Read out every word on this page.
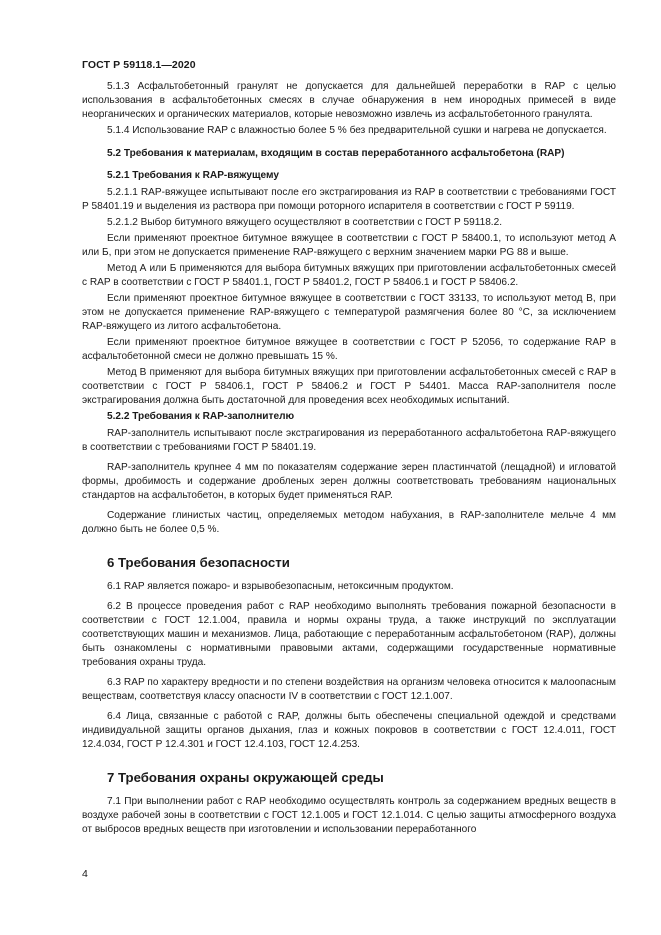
ГОСТ Р 59118.1—2020

5.1.3 Асфальтобетонный гранулят не допускается для дальнейшей переработки в RAP с целью использования в асфальтобетонных смесях в случае обнаружения в нем инородных примесей в виде неорганических и органических материалов, которые невозможно извлечь из асфальтобетонного гранулята.

5.1.4 Использование RAP с влажностью более 5 % без предварительной сушки и нагрева не допускается.

5.2 Требования к материалам, входящим в состав переработанного асфальтобетона (RAP)

5.2.1 Требования к RAP-вяжущему

5.2.1.1 RAP-вяжущее испытывают после его экстрагирования из RAP в соответствии с требованиями ГОСТ Р 58401.19 и выделения из раствора при помощи роторного испарителя в соответствии с ГОСТ Р 59119.

5.2.1.2 Выбор битумного вяжущего осуществляют в соответствии с ГОСТ Р 59118.2.

Если применяют проектное битумное вяжущее в соответствии с ГОСТ Р 58400.1, то используют метод А или Б, при этом не допускается применение RAP-вяжущего с верхним значением марки PG 88 и выше.

Метод А или Б применяются для выбора битумных вяжущих при приготовлении асфальтобетонных смесей с RAP в соответствии с ГОСТ Р 58401.1, ГОСТ Р 58401.2, ГОСТ Р 58406.1 и ГОСТ Р 58406.2.

Если применяют проектное битумное вяжущее в соответствии с ГОСТ 33133, то используют метод В, при этом не допускается применение RAP-вяжущего с температурой размягчения более 80 °С, за исключением RAP-вяжущего из литого асфальтобетона.

Если применяют проектное битумное вяжущее в соответствии с ГОСТ Р 52056, то содержание RAP в асфальтобетонной смеси не должно превышать 15 %.

Метод В применяют для выбора битумных вяжущих при приготовлении асфальтобетонных смесей с RAP в соответствии с ГОСТ Р 58406.1, ГОСТ Р 58406.2 и ГОСТ Р 54401. Масса RAP-заполнителя после экстрагирования должна быть достаточной для проведения всех необходимых испытаний.

5.2.2 Требования к RAP-заполнителю

RAP-заполнитель испытывают после экстрагирования из переработанного асфальтобетона RAP-вяжущего в соответствии с требованиями ГОСТ Р 58401.19.

RAP-заполнитель крупнее 4 мм по показателям содержание зерен пластинчатой (лещадной) и игловатой формы, дробимость и содержание дробленых зерен должны соответствовать требованиям национальных стандартов на асфальтобетон, в которых будет применяться RAP.

Содержание глинистых частиц, определяемых методом набухания, в RAP-заполнителе мельче 4 мм должно быть не более 0,5 %.

6 Требования безопасности

6.1 RAP является пожаро- и взрывобезопасным, нетоксичным продуктом.

6.2 В процессе проведения работ с RAP необходимо выполнять требования пожарной безопасности в соответствии с ГОСТ 12.1.004, правила и нормы охраны труда, а также инструкций по эксплуатации соответствующих машин и механизмов. Лица, работающие с переработанным асфальтобетоном (RAP), должны быть ознакомлены с нормативными правовыми актами, содержащими государственные нормативные требования охраны труда.

6.3 RAP по характеру вредности и по степени воздействия на организм человека относится к малоопасным веществам, соответствуя классу опасности IV в соответствии с ГОСТ 12.1.007.

6.4 Лица, связанные с работой с RAP, должны быть обеспечены специальной одеждой и средствами индивидуальной защиты органов дыхания, глаз и кожных покровов в соответствии с ГОСТ 12.4.011, ГОСТ 12.4.034, ГОСТ Р 12.4.301 и ГОСТ 12.4.103, ГОСТ 12.4.253.

7 Требования охраны окружающей среды

7.1 При выполнении работ с RAP необходимо осуществлять контроль за содержанием вредных веществ в воздухе рабочей зоны в соответствии с ГОСТ 12.1.005 и ГОСТ 12.1.014. С целью защиты атмосферного воздуха от выбросов вредных веществ при изготовлении и использовании переработанного

4
